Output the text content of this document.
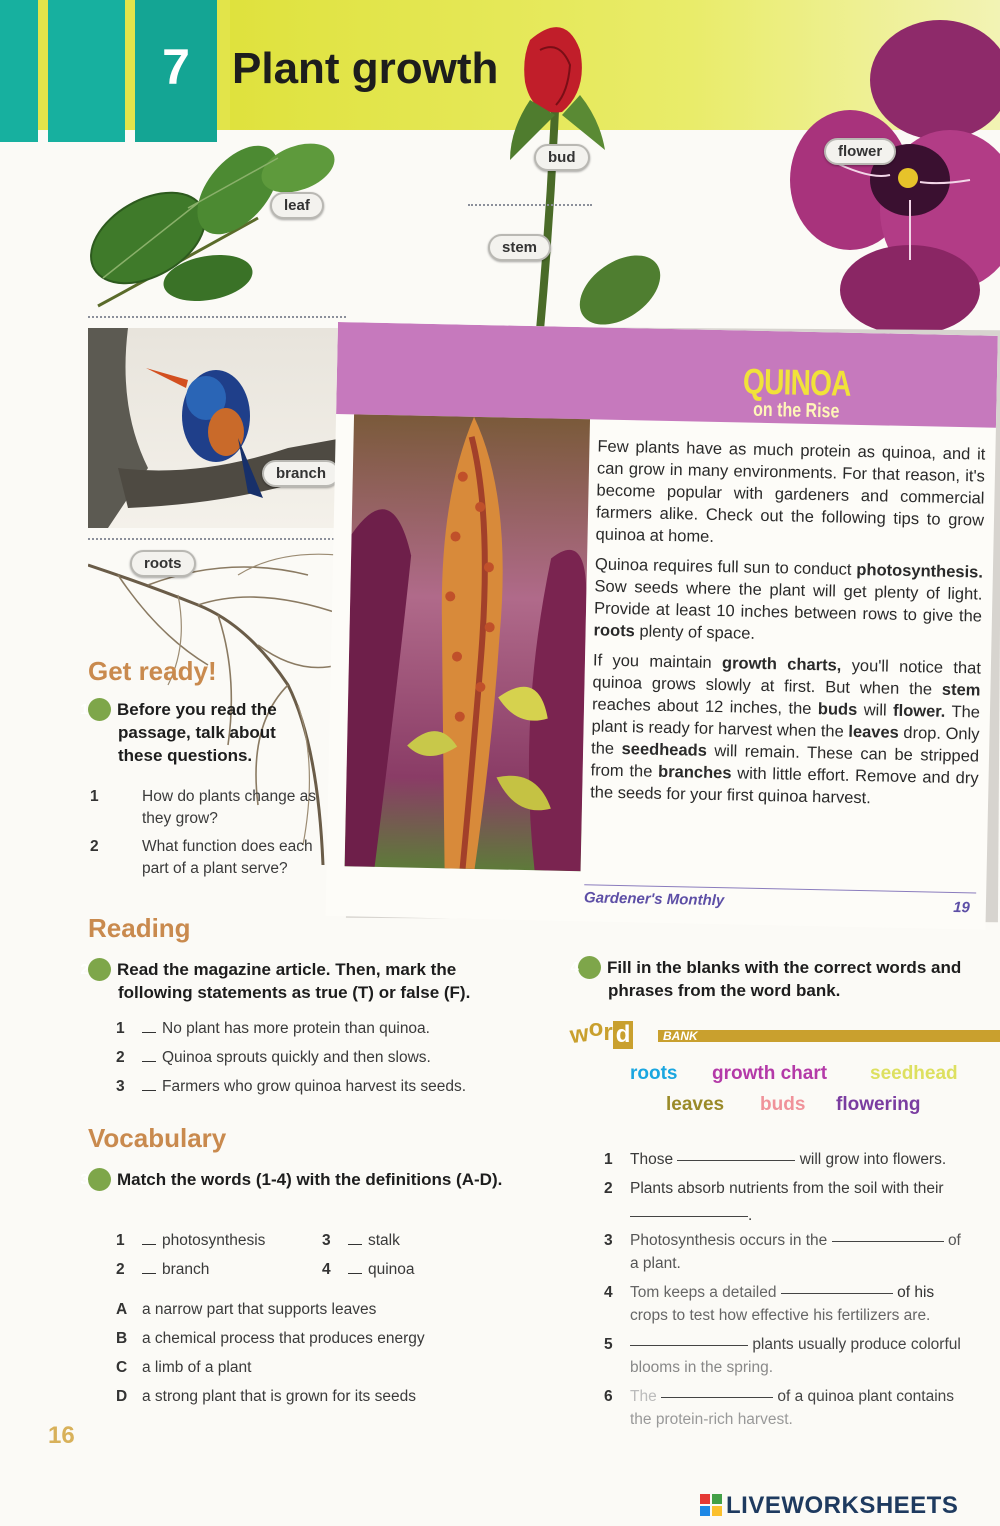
7 Plant growth
leaf
bud
stem
flower
branch
roots
QUINOA
on the Rise

Few plants have as much protein as quinoa, and it can grow in many environments. For that reason, it's become popular with gardeners and commercial farmers alike. Check out the following tips to grow quinoa at home.

Quinoa requires full sun to conduct photosynthesis. Sow seeds where the plant will get plenty of light. Provide at least 10 inches between rows to give the roots plenty of space.

If you maintain growth charts, you'll notice that quinoa grows slowly at first. But when the stem reaches about 12 inches, the buds will flower. The plant is ready for harvest when the leaves drop. Only the seedheads will remain. These can be stripped from the branches with little effort. Remove and dry the seeds for your first quinoa harvest.

Gardener's Monthly	19
Get ready!
1 Before you read the passage, talk about these questions.
1	How do plants change as they grow?
2	What function does each part of a plant serve?
Reading
2 Read the magazine article. Then, mark the following statements as true (T) or false (F).
1 No plant has more protein than quinoa.
2 Quinoa sprouts quickly and then slows.
3 Farmers who grow quinoa harvest its seeds.
Vocabulary
3 Match the words (1-4) with the definitions (A-D).
1 photosynthesis
2 branch
3 stalk
4 quinoa
A a narrow part that supports leaves
B a chemical process that produces energy
C a limb of a plant
D a strong plant that is grown for its seeds
4 Fill in the blanks with the correct words and phrases from the word bank.
wor d	BANK
roots growth chart seedhead
leaves buds flowering
1 Those	will grow into flowers.
2 Plants absorb nutrients from the soil with their
.
3 Photosynthesis occurs in the	of
a plant.
4 Tom keeps a detailed	of his
crops to test how effective his fertilizers are.
5	plants usually produce colorful
blooms in the spring.
6 The	of a quinoa plant contains
the protein-rich harvest.
16
LIVEWORKSHEETS
